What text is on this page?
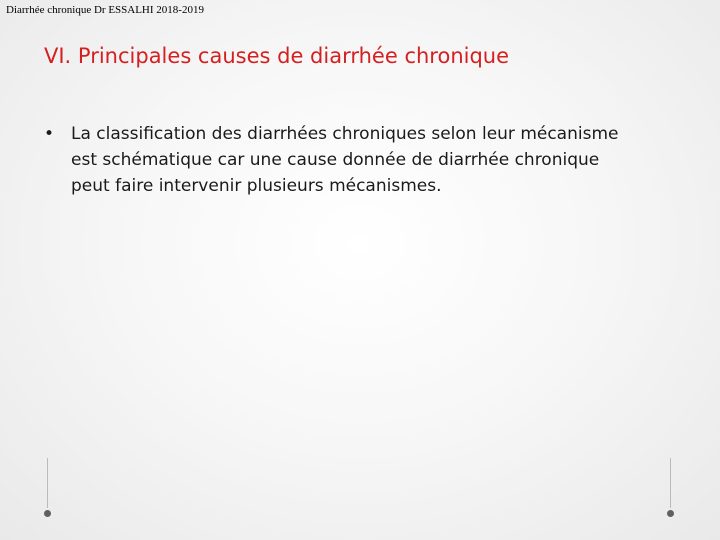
Diarrhée chronique Dr ESSALHI 2018-2019
VI. Principales causes de diarrhée chronique
• La classification des diarrhées chroniques selon leur mécanisme est schématique car une cause donnée de diarrhée chronique peut faire intervenir plusieurs mécanismes.
